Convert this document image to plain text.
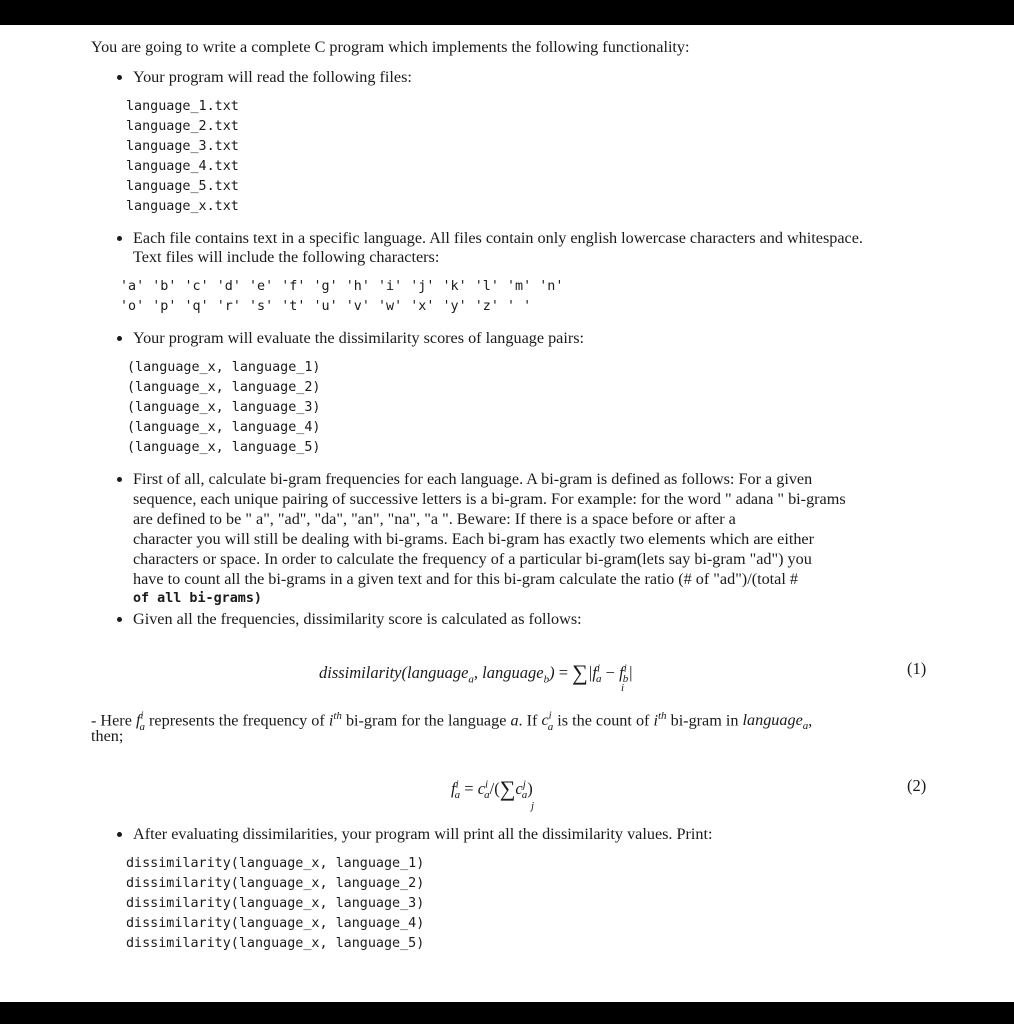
You are going to write a complete C program which implements the following functionality:
Your program will read the following files:
language_1.txt
language_2.txt
language_3.txt
language_4.txt
language_5.txt
language_x.txt
Each file contains text in a specific language. All files contain only english lowercase characters and whitespace.
Text files will include the following characters:
'a' 'b' 'c' 'd' 'e' 'f' 'g' 'h' 'i' 'j' 'k' 'l' 'm' 'n'
'o' 'p' 'q' 'r' 's' 't' 'u' 'v' 'w' 'x' 'y' 'z' ' '
Your program will evaluate the dissimilarity scores of language pairs:
(language_x, language_1)
(language_x, language_2)
(language_x, language_3)
(language_x, language_4)
(language_x, language_5)
First of all, calculate bi-gram frequencies for each language. A bi-gram is defined as follows: For a given
sequence, each unique pairing of successive letters is a bi-gram. For example: for the word " adana " bi-grams
are defined to be " a", "ad", "da", "an", "na", "a ". Beware: If there is a space before or after a
character you will still be dealing with bi-grams. Each bi-gram has exactly two elements which are either
characters or space. In order to calculate the frequency of a particular bi-gram(lets say bi-gram "ad") you
have to count all the bi-grams in a given text and for this bi-gram calculate the ratio (# of "ad")/(total #
of all bi-grams)
Given all the frequencies, dissimilarity score is calculated as follows:
dissimilarity(language$_a$, language$_b$) = $\sum|f^i_a - f^i_b|$
i
(1)
- Here $f^i_a$ represents the frequency of $i^{th}$ bi-gram for the language a. If $c^i_a$ is the count of $i^{th}$ bi-gram in language$_a$,
then;
$f^i_a = c^i_a/(\sum c^j_a)$
j
(2)
After evaluating dissimilarities, your program will print all the dissimilarity values. Print:
dissimilarity(language_x, language_1)
dissimilarity(language_x, language_2)
dissimilarity(language_x, language_3)
dissimilarity(language_x, language_4)
dissimilarity(language_x, language_5)
